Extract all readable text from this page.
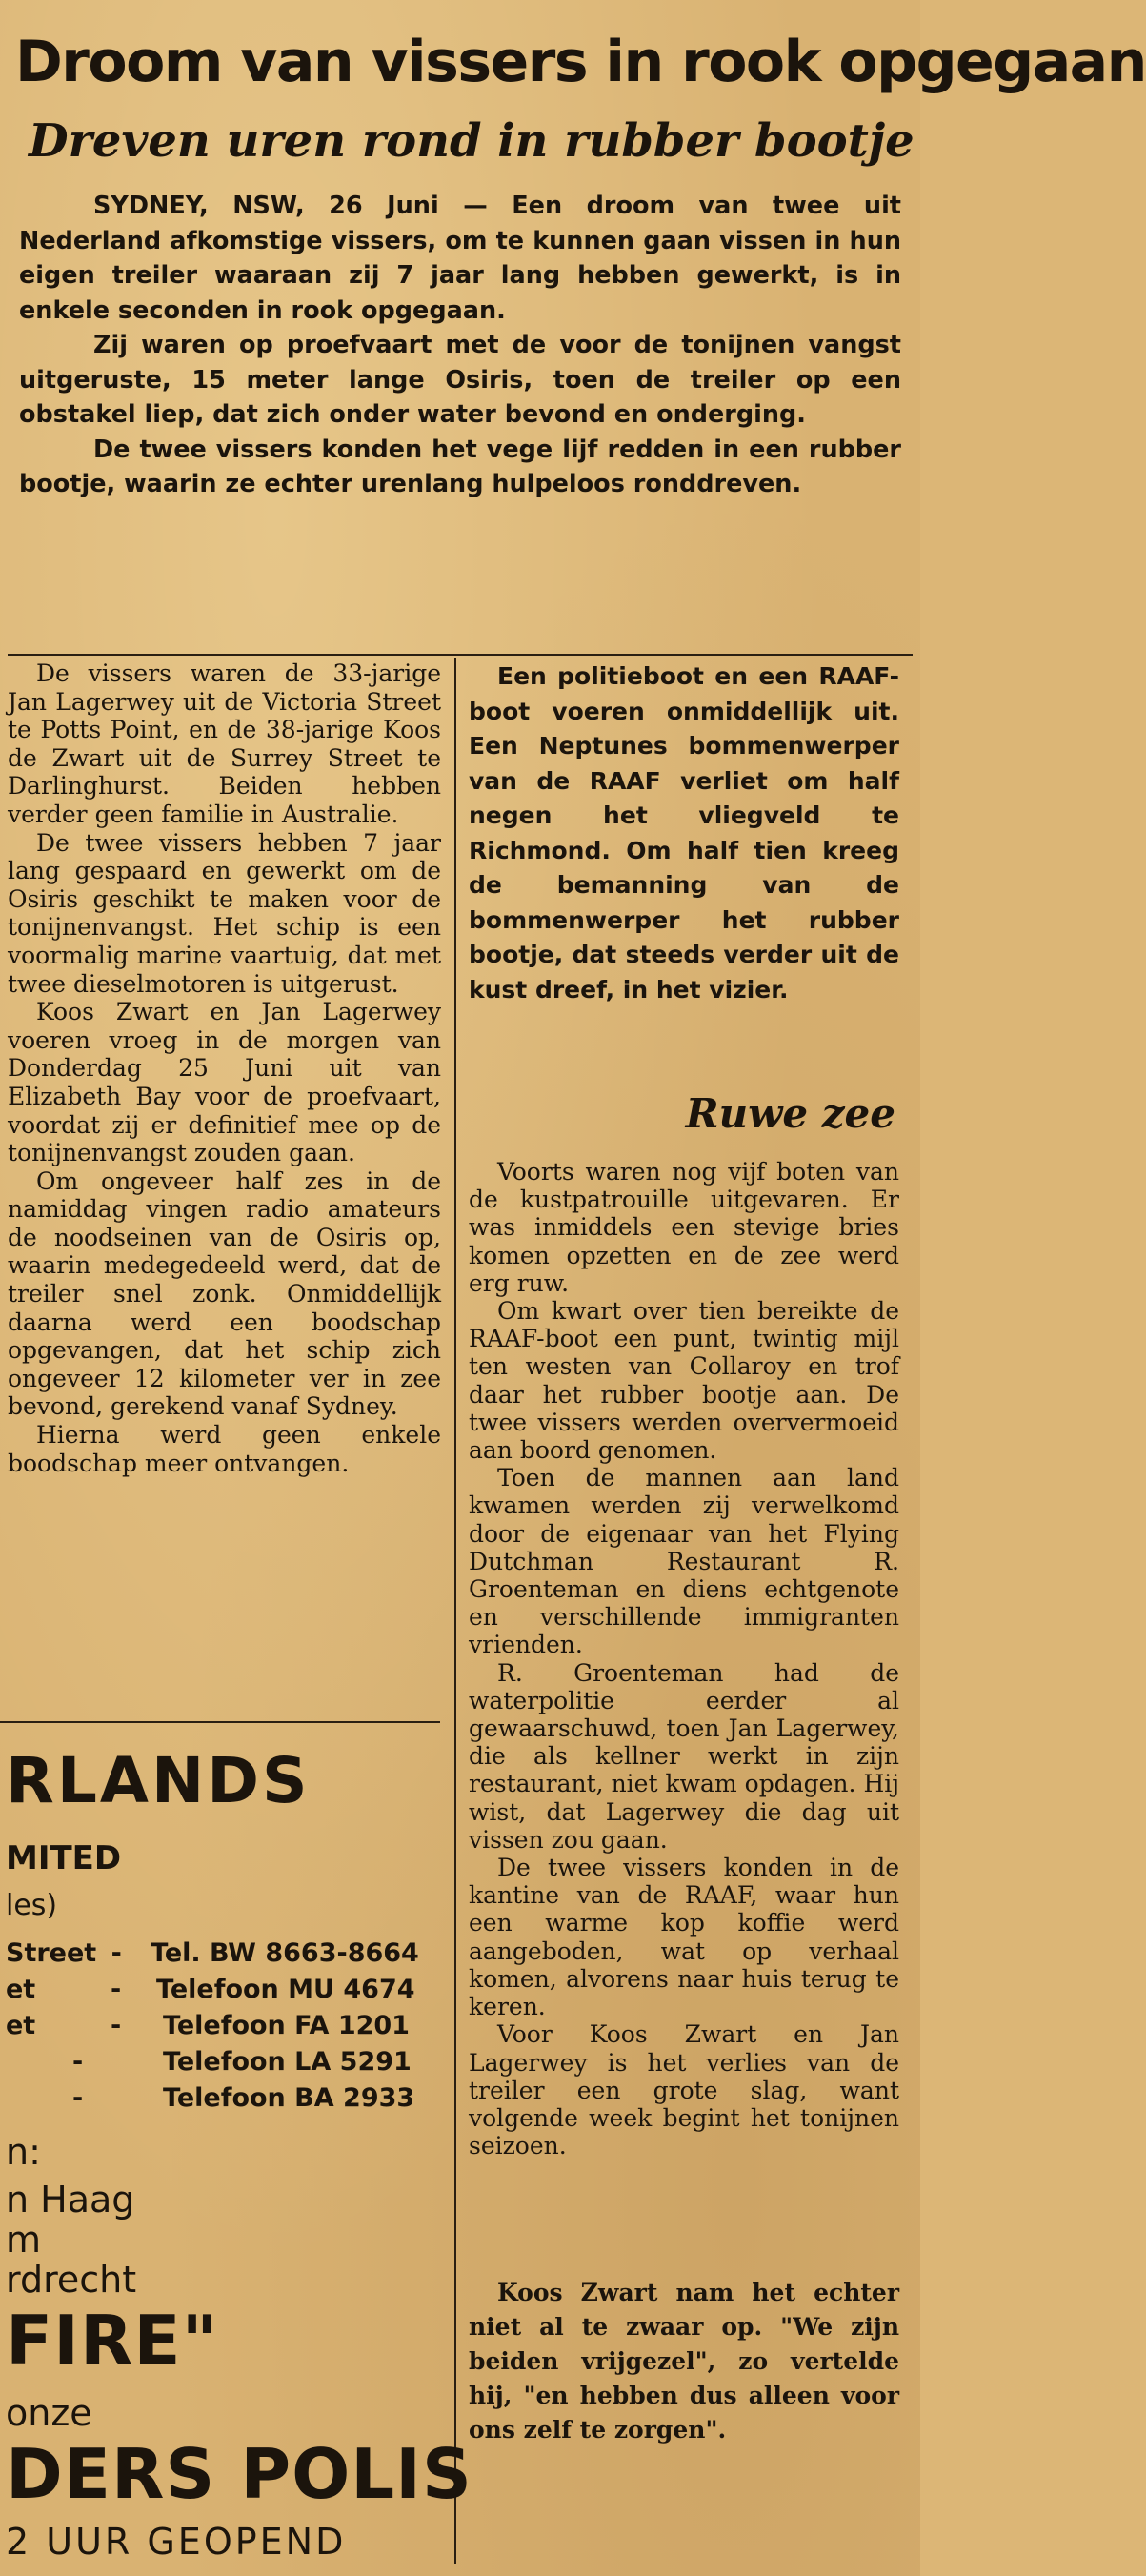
Droom van vissers in rook opgegaan
Dreven uren rond in rubber bootje

SYDNEY, NSW, 26 Juni — Een droom van twee uit Nederland afkomstige vissers, om te kunnen gaan vissen in hun eigen treiler waaraan zij 7 jaar lang hebben gewerkt, is in enkele seconden in rook opgegaan.

Zij waren op proefvaart met de voor de tonijnen vangst uitgeruste, 15 meter lange Osiris, toen de treiler op een obstakel liep, dat zich onder water bevond en onderging.

De twee vissers konden het vege lijf redden in een rubber bootje, waarin ze echter urenlang hulpeloos ronddreven.

De vissers waren de 33-jarige Jan Lagerwey uit de Victoria Street te Potts Point, en de 38-jarige Koos de Zwart uit de Surrey Street te Darlinghurst. Beiden hebben verder geen familie in Australie.

De twee vissers hebben 7 jaar lang gespaard en gewerkt om de Osiris geschikt te maken voor de tonijnenvangst. Het schip is een voormalig marine vaartuig, dat met twee dieselmotoren is uitgerust.

Koos Zwart en Jan Lagerwey voeren vroeg in de morgen van Donderdag 25 Juni uit van Elizabeth Bay voor de proefvaart, voordat zij er definitief mee op de tonijnenvangst zouden gaan.

Om ongeveer half zes in de namiddag vingen radio amateurs de noodseinen van de Osiris op, waarin medegedeeld werd, dat de treiler snel zonk. Onmiddellijk daarna werd een boodschap opgevangen, dat het schip zich ongeveer 12 kilometer ver in zee bevond, gerekend vanaf Sydney.

Hierna werd geen enkele boodschap meer ontvangen.

Een politieboot en een RAAF-boot voeren onmiddellijk uit. Een Neptunes bommenwerper van de RAAF verliet om half negen het vliegveld te Richmond. Om half tien kreeg de bemanning van de bommenwerper het rubber bootje, dat steeds verder uit de kust dreef, in het vizier.

Ruwe zee

Voorts waren nog vijf boten van de kustpatrouille uitgevaren. Er was inmiddels een stevige bries komen opzetten en de zee werd erg ruw.

Om kwart over tien bereikte de RAAF-boot een punt, twintig mijl ten westen van Collaroy en trof daar het rubber bootje aan. De twee vissers werden oververmoeid aan boord genomen.

Toen de mannen aan land kwamen werden zij verwelkomd door de eigenaar van het Flying Dutchman Restaurant R. Groenteman en diens echtgenote en verschillende immigranten vrienden.

R. Groenteman had de waterpolitie eerder al gewaarschuwd, toen Jan Lagerwey, die als kellner werkt in zijn restaurant, niet kwam opdagen. Hij wist, dat Lagerwey die dag uit vissen zou gaan.

De twee vissers konden in de kantine van de RAAF, waar hun een warme kop koffie werd aangeboden, wat op verhaal komen, alvorens naar huis terug te keren.

Voor Koos Zwart en Jan Lagerwey is het verlies van de treiler een grote slag, want volgende week begint het tonijnen seizoen.

Koos Zwart nam het echter niet al te zwaar op. "We zijn beiden vrijgezel", zo vertelde hij, "en hebben dus alleen voor ons zelf te zorgen".

RLANDS
MITED
les)
Street - Tel. BW 8663-8664
et	- Telefoon MU 4674
et	- Telefoon FA 1201
-	Telefoon LA 5291
-	Telefoon BA 2933
n:
n Haag
m
rdrecht
FIRE"
onze
DERS POLIS
2 UUR GEOPEND
